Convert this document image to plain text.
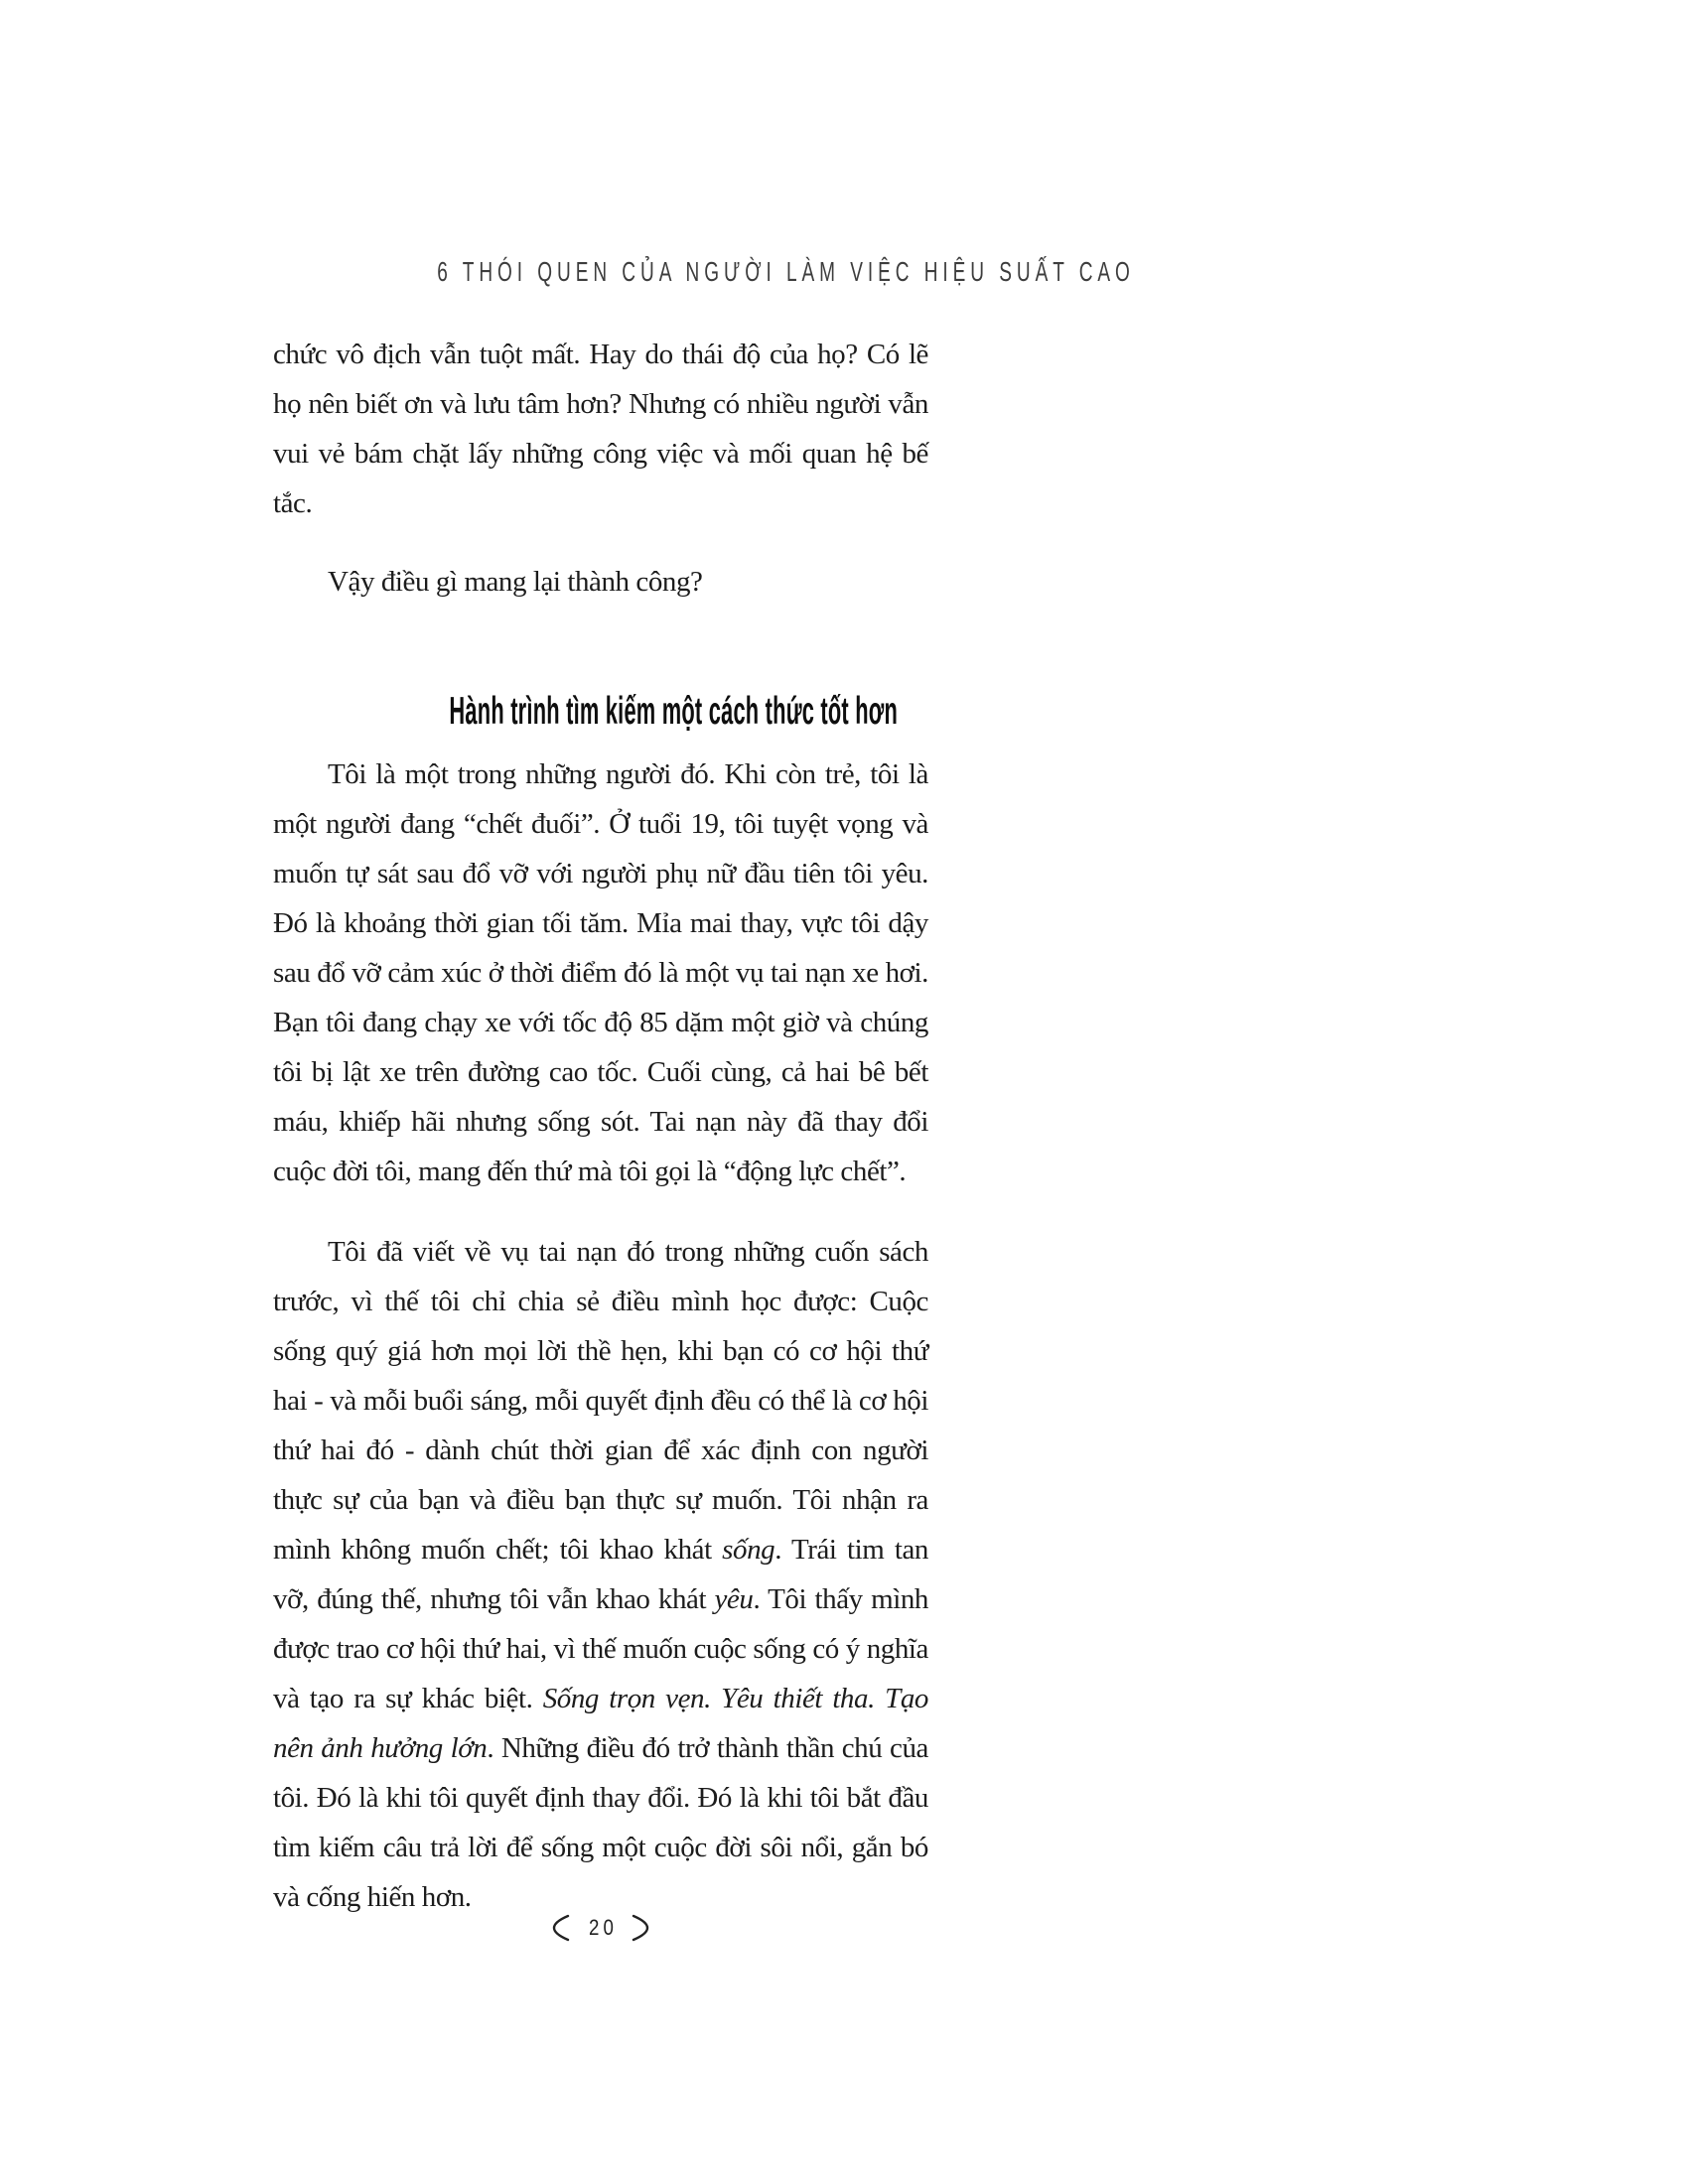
6 THÓI QUEN CỦA NGƯỜI LÀM VIỆC HIỆU SUẤT CAO

chức vô địch vẫn tuột mất. Hay do thái độ của họ? Có lẽ họ nên biết ơn và lưu tâm hơn? Nhưng có nhiều người vẫn vui vẻ bám chặt lấy những công việc và mối quan hệ bế tắc.

Vậy điều gì mang lại thành công?

Hành trình tìm kiếm một cách thức tốt hơn

Tôi là một trong những người đó. Khi còn trẻ, tôi là một người đang “chết đuối”. Ở tuổi 19, tôi tuyệt vọng và muốn tự sát sau đổ vỡ với người phụ nữ đầu tiên tôi yêu. Đó là khoảng thời gian tối tăm. Mỉa mai thay, vực tôi dậy sau đổ vỡ cảm xúc ở thời điểm đó là một vụ tai nạn xe hơi. Bạn tôi đang chạy xe với tốc độ 85 dặm một giờ và chúng tôi bị lật xe trên đường cao tốc. Cuối cùng, cả hai bê bết máu, khiếp hãi nhưng sống sót. Tai nạn này đã thay đổi cuộc đời tôi, mang đến thứ mà tôi gọi là “động lực chết”.

Tôi đã viết về vụ tai nạn đó trong những cuốn sách trước, vì thế tôi chỉ chia sẻ điều mình học được: Cuộc sống quý giá hơn mọi lời thề hẹn, khi bạn có cơ hội thứ hai - và mỗi buổi sáng, mỗi quyết định đều có thể là cơ hội thứ hai đó - dành chút thời gian để xác định con người thực sự của bạn và điều bạn thực sự muốn. Tôi nhận ra mình không muốn chết; tôi khao khát sống. Trái tim tan vỡ, đúng thế, nhưng tôi vẫn khao khát yêu. Tôi thấy mình được trao cơ hội thứ hai, vì thế muốn cuộc sống có ý nghĩa và tạo ra sự khác biệt. Sống trọn vẹn. Yêu thiết tha. Tạo nên ảnh hưởng lớn. Những điều đó trở thành thần chú của tôi. Đó là khi tôi quyết định thay đổi. Đó là khi tôi bắt đầu tìm kiếm câu trả lời để sống một cuộc đời sôi nổi, gắn bó và cống hiến hơn.

20
